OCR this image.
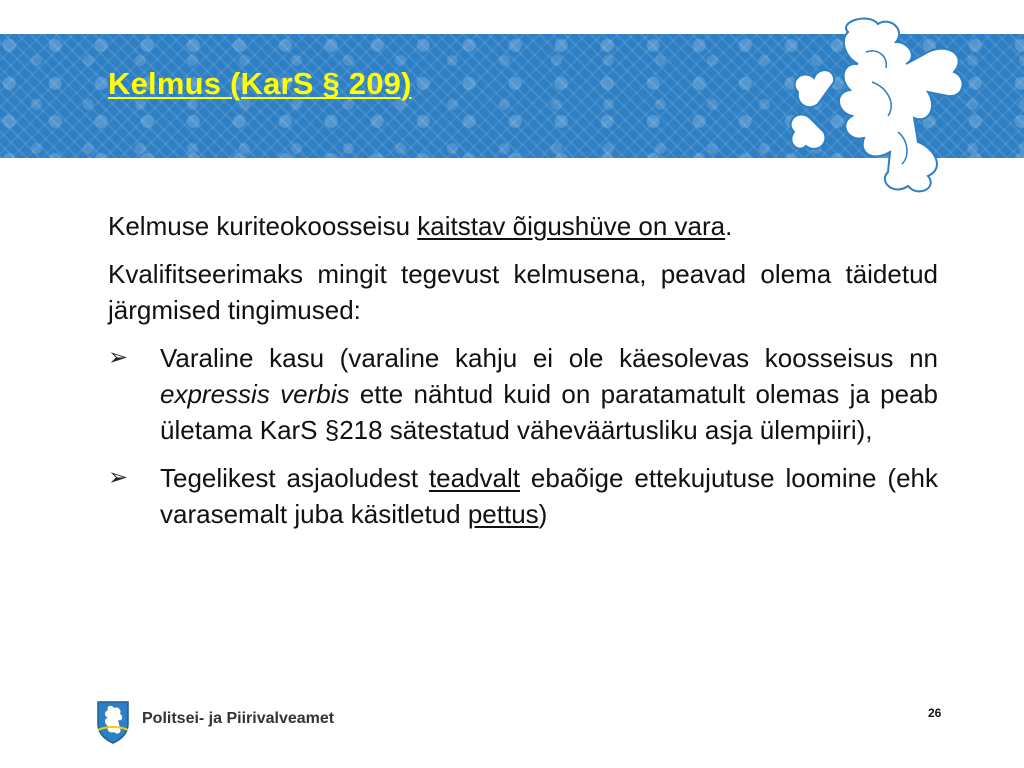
Kelmus (KarS § 209)

Kelmuse kuriteokoosseisu kaitstav õigushüve on vara.

Kvalifitseerimaks mingit tegevust kelmusena, peavad olema täidetud järgmised tingimused:

➢	Varaline kasu (varaline kahju ei ole käesolevas koosseisus nn expressis verbis ette nähtud kuid on paratamatult olemas ja peab ületama KarS §218 sätestatud väheväärtusliku asja ülempiiri),
➢	Tegelikest asjaoludest teadvalt ebaõige ettekujutuse loomine (ehk varasemalt juba käsitletud pettus)
Politsei- ja Piirivalveamet	26
